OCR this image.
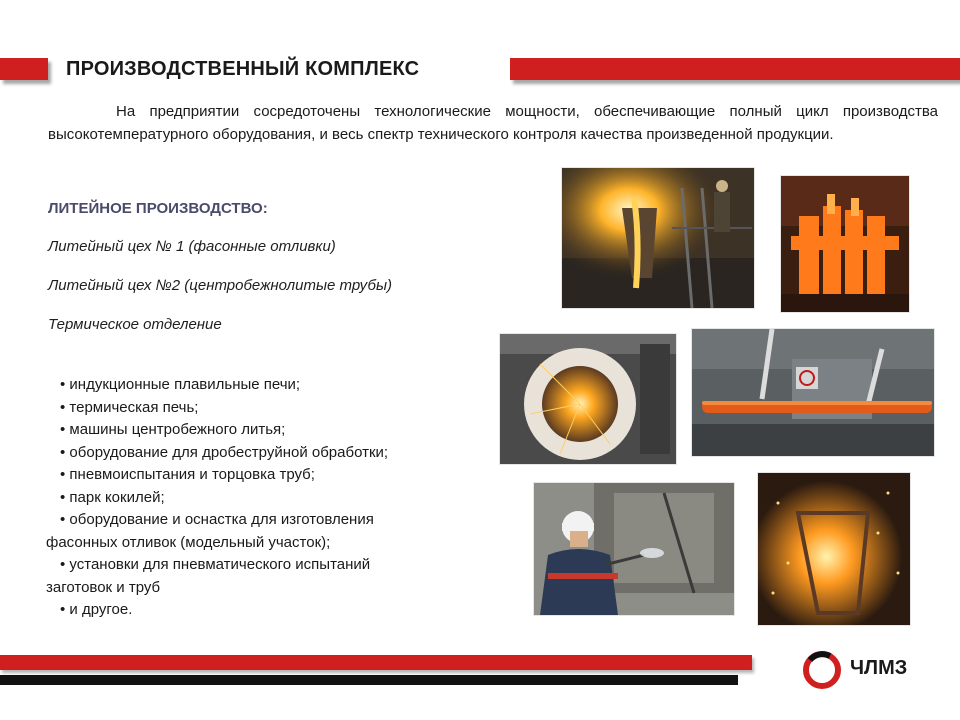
ПРОИЗВОДСТВЕННЫЙ КОМПЛЕКС
На предприятии сосредоточены технологические мощности, обеспечивающие полный цикл производства высокотемпературного оборудования, и весь спектр технического контроля качества произведенной продукции.
ЛИТЕЙНОЕ ПРОИЗВОДСТВО:
Литейный цех № 1 (фасонные отливки)
Литейный цех №2 (центробежнолитые трубы)
Термическое отделение
• индукционные плавильные печи;
• термическая печь;
• машины центробежного литья;
• оборудование для дробеструйной обработки;
• пневмоиспытания и торцовка труб;
• парк кокилей;
• оборудование и оснастка для изготовления
фасонных отливок (модельный участок);
• установки для пневматического испытаний
заготовок и труб
• и другое.
ЧЛМЗ
